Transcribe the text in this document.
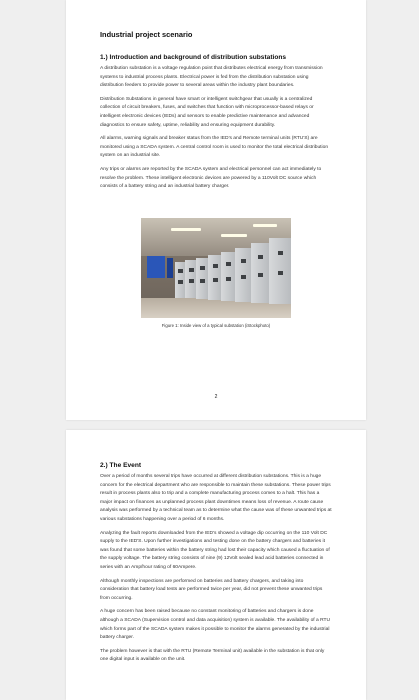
Industrial project scenario
1.) Introduction and background of distribution substations

A distribution substation is a voltage regulation point that distributes electrical energy from transmission systems to industrial process plants. Electrical power is fed from the distribution substation using distribution feeders to provide power to several areas within the industry plant boundaries.

Distribution Substations in general have smart or intelligent switchgear that usually is a centralized collection of circuit breakers, fuses, and switches that function with microprocessor-based relays or intelligent electronic devices (IEDs) and sensors to enable predictive maintenance and advanced diagnostics to ensure safety, uptime, reliability and ensuring equipment durability.

All alarms, warning signals and breaker status from the IED's and Remote terminal units (RTU'S) are monitored using a SCADA system. A central control room is used to monitor the total electrical distribution system on an industrial site.

Any trips or alarms are reported by the SCADA system and electrical personnel can act immediately to resolve the problem. These intelligent electronic devices are powered by a 110Volt DC source which consists of a battery string and an industrial battery charger.

Figure 1: Inside view of a typical substation (iStockphoto)
2
2.) The Event

Over a period of months several trips have occurred at different distribution substations. This is a huge concern for the electrical department who are responsible to maintain these substations. These power trips result in process plants also to trip and a complete manufacturing process comes to a halt. This has a major impact on finances as unplanned process plant downtimes means loss of revenue. A route cause analysis was performed by a technical team as to determine what the cause was of these unwanted trips at various substations happening over a period of 6 months.

Analyzing the fault reports downloaded from the IED's showed a voltage dip occurring on the 110 Volt DC supply to the IED'S. Upon further investigations and testing done on the battery chargers and batteries it was found that some batteries within the battery string had lost their capacity which caused a fluctuation of the supply voltage. The battery string consists of nine (9) 12Volt sealed lead acid batteries connected in series with an Amp/hour rating of 60Ampere.

Although monthly inspections are performed on batteries and battery chargers, and taking into consideration that battery load tests are performed twice per year, did not prevent these unwanted trips from occurring.

A huge concern has been raised because no constant monitoring of batteries and chargers is done although a SCADA (Supervision control and data acquisition) system is available. The availability of a RTU which forms part of the SCADA system makes it possible to monitor the alarms generated by the industrial battery charger.

The problem however is that with the RTU (Remote Terminal unit) available in the substation is that only one digital input is available on the unit.
